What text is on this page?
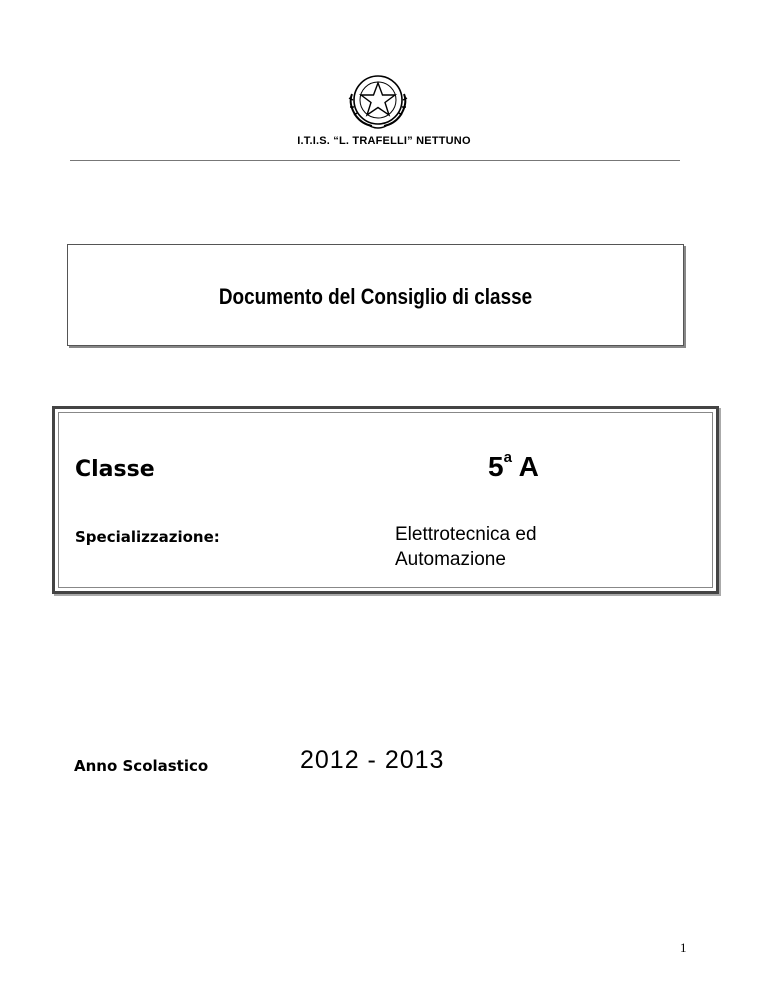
I.T.I.S. “L. TRAFELLI” NETTUNO
Documento del Consiglio di classe
Classe	5$^a$ A
Specializzazione:	Elettrotecnica ed
Automazione
Anno Scolastico	2012 - 2013
1
